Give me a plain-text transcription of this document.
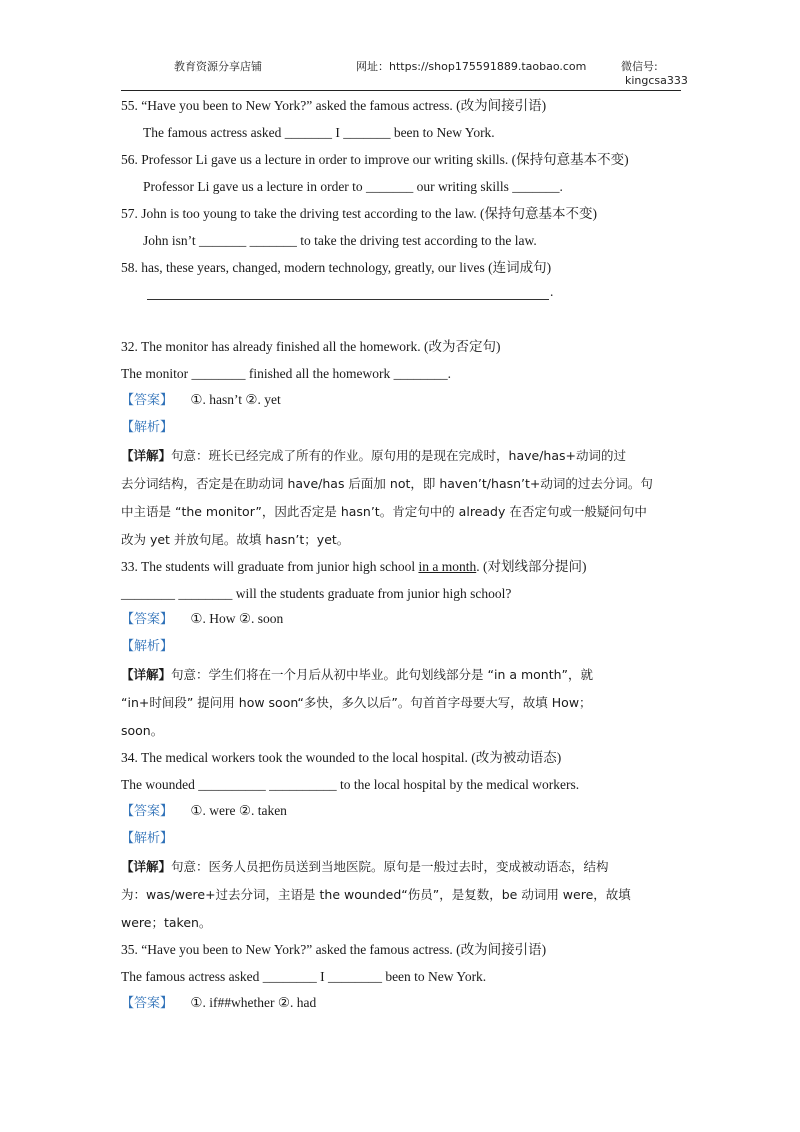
教育资源分享店铺	网址：https://shop175591889.taobao.com	微信号:
kingcsa333
55. “Have you been to New York?” asked the famous actress. (改为间接引语)
The famous actress asked _______ I _______ been to New York.
56. Professor Li gave us a lecture in order to improve our writing skills. (保持句意基本不变)
Professor Li gave us a lecture in order to _______ our writing skills _______.
57. John is too young to take the driving test according to the law. (保持句意基本不变)
John isn’t _______ _______ to take the driving test according to the law.
58. has, these years, changed, modern technology, greatly, our lives (连词成句)
.
32. The monitor has already finished all the homework. (改为否定句)
The monitor ________ finished all the homework ________.
【答案】 ①. hasn’t ②. yet
【解析】
【详解】句意：班长已经完成了所有的作业。原句用的是现在完成时，have/has+动词的过
去分词结构，否定是在助动词 have/has 后面加 not，即 haven’t/hasn’t+动词的过去分词。句
中主语是 “the monitor”，因此否定是 hasn’t。肯定句中的 already 在否定句或一般疑问句中
改为 yet 并放句尾。故填 hasn’t；yet。
33. The students will graduate from junior high school in a month. (对划线部分提问)
________ ________ will the students graduate from junior high school?
【答案】 ①. How ②. soon
【解析】
【详解】句意：学生们将在一个月后从初中毕业。此句划线部分是 “in a month”，就
“in+时间段” 提问用 how soon“多快，多久以后”。句首首字母要大写，故填 How；
soon。
34. The medical workers took the wounded to the local hospital. (改为被动语态)
The wounded __________ __________ to the local hospital by the medical workers.
【答案】 ①. were ②. taken
【解析】
【详解】句意：医务人员把伤员送到当地医院。原句是一般过去时，变成被动语态，结构
为：was/were+过去分词，主语是 the wounded“伤员”，是复数，be 动词用 were，故填
were；taken。
35. “Have you been to New York?” asked the famous actress. (改为间接引语)
The famous actress asked ________ I ________ been to New York.
【答案】 ①. if##whether ②. had
